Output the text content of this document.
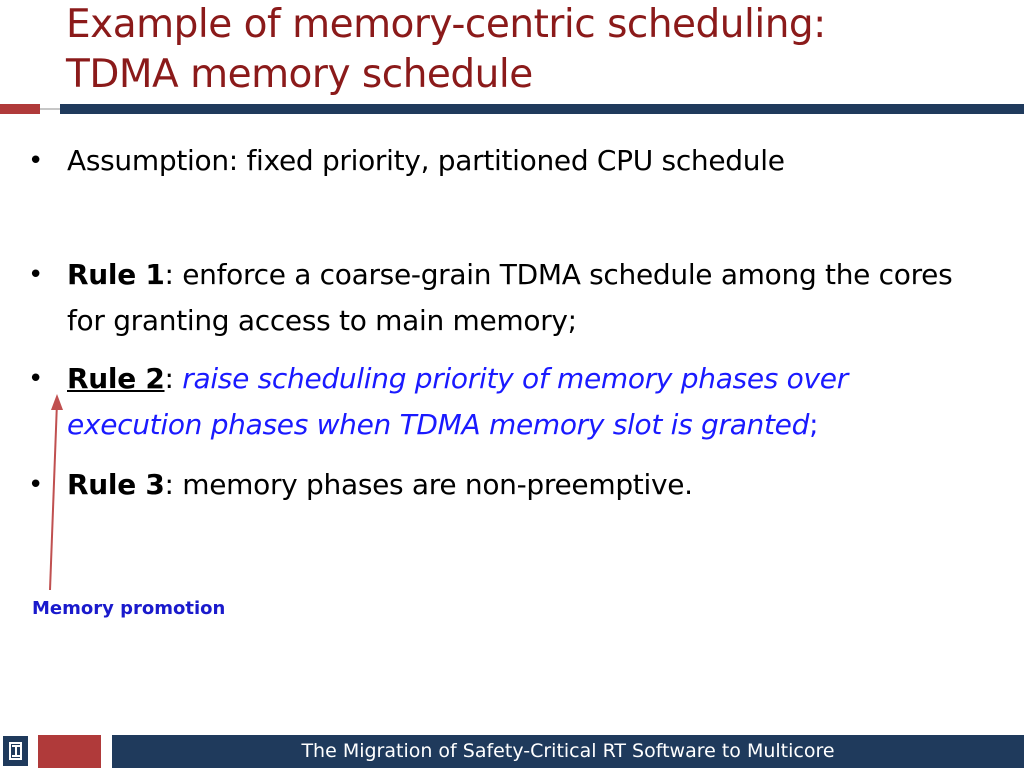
Example of memory-centric scheduling:
TDMA memory schedule
• Assumption: fixed priority, partitioned CPU schedule
• Rule 1: enforce a coarse-grain TDMA schedule among the cores for granting access to main memory;
• Rule 2: raise scheduling priority of memory phases over execution phases when TDMA memory slot is granted;
• Rule 3: memory phases are non-preemptive.
Memory promotion
The Migration of Safety-Critical RT Software to Multicore
